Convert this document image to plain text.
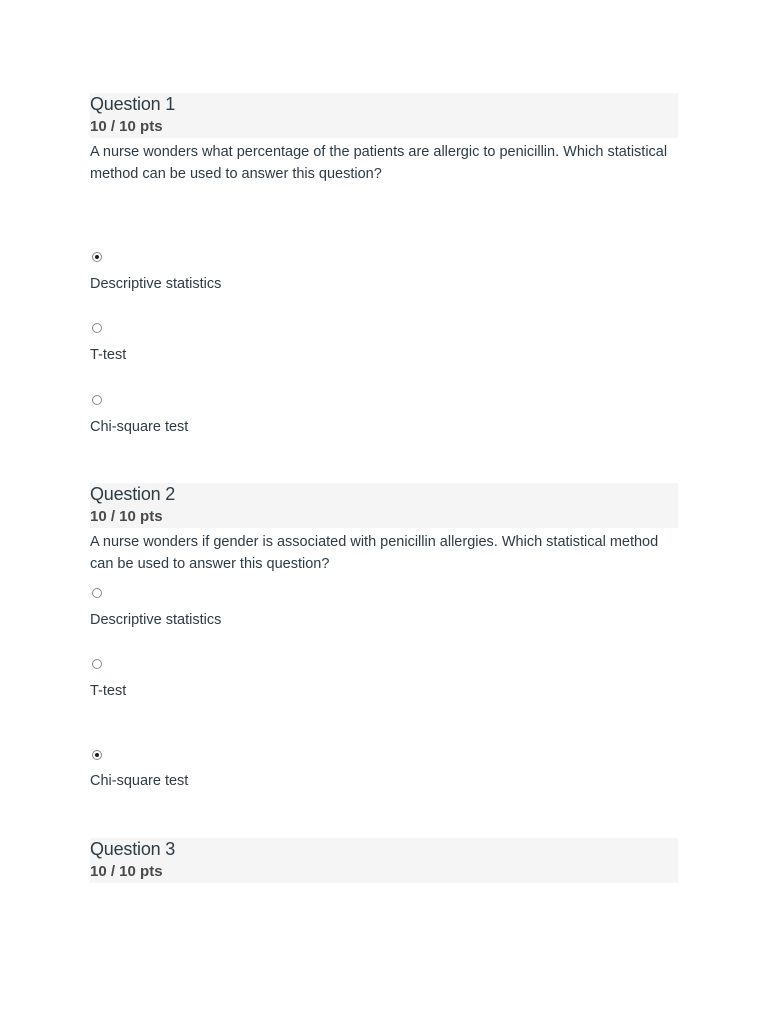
Question 1
10 / 10 pts
A nurse wonders what percentage of the patients are allergic to penicillin. Which statistical method can be used to answer this question?
Descriptive statistics
T-test
Chi-square test
Question 2
10 / 10 pts
A nurse wonders if gender is associated with penicillin allergies. Which statistical method can be used to answer this question?
Descriptive statistics
T-test
Chi-square test
Question 3
10 / 10 pts
